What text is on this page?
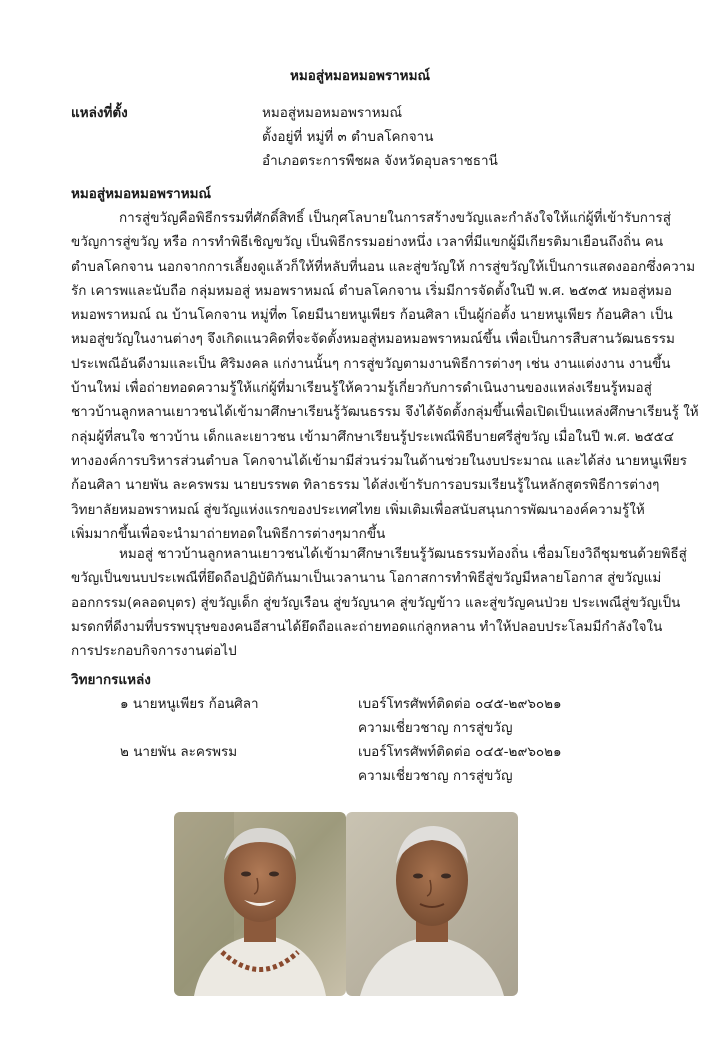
หมอสู่หมอหมอพราหมณ์
แหล่งที่ตั้ง	หมอสู่หมอหมอพราหมณ์
ตั้งอยู่ที่ หมู่ที่ ๓ ตำบลโคกจาน
อำเภอตระการพืชผล จังหวัดอุบลราชธานี
หมอสู่หมอหมอพราหมณ์
การสู่ขวัญคือพิธีกรรมที่ศักดิ์สิทธิ์ เป็นกุศโลบายในการสร้างขวัญและกำลังใจให้แก่ผู้ที่เข้ารับการสู่
ขวัญการสู่ขวัญ หรือ การทำพิธีเชิญขวัญ เป็นพิธีกรรมอย่างหนึ่ง เวลาที่มีแขกผู้มีเกียรติมาเยือนถึงถิ่น คน
ตำบลโคกจาน นอกจากการเลี้ยงดูแล้วก็ให้ที่หลับที่นอน และสู่ขวัญให้ การสู่ขวัญให้เป็นการแสดงออกซึ่งความ
รัก เคารพและนับถือ กลุ่มหมอสู่ หมอพราหมณ์ ตำบลโคกจาน เริ่มมีการจัดตั้งในปี พ.ศ. ๒๕๓๕ หมอสู่หมอ
หมอพราหมณ์ ณ บ้านโคกจาน หมู่ที่๓ โดยมีนายหนูเพียร ก้อนศิลา เป็นผู้ก่อตั้ง นายหนูเพียร ก้อนศิลา เป็น
หมอสู่ขวัญในงานต่างๆ จึงเกิดแนวคิดที่จะจัดตั้งหมอสู่หมอหมอพราหมณ์ขึ้น เพื่อเป็นการสืบสานวัฒนธรรม
ประเพณีอันดีงามและเป็น ศิริมงคล แก่งานนั้นๆ การสู่ขวัญตามงานพิธีการต่างๆ เช่น งานแต่งงาน งานขึ้น
บ้านใหม่ เพื่อถ่ายทอดความรู้ให้แก่ผู้ที่มาเรียนรู้ให้ความรู้เกี่ยวกับการดำเนินงานของแหล่งเรียนรู้หมอสู่
ชาวบ้านลูกหลานเยาวชนได้เข้ามาศึกษาเรียนรู้วัฒนธรรม จึงได้จัดตั้งกลุ่มขึ้นเพื่อเปิดเป็นแหล่งศึกษาเรียนรู้ ให้
กลุ่มผู้ที่สนใจ ชาวบ้าน เด็กและเยาวชน เข้ามาศึกษาเรียนรู้ประเพณีพิธีบายศรีสู่ขวัญ เมื่อในปี พ.ศ. ๒๕๕๔
ทางองค์การบริหารส่วนตำบล โคกจานได้เข้ามามีส่วนร่วมในด้านช่วยในงบประมาณ และได้ส่ง นายหนูเพียร
ก้อนศิลา นายพัน ละครพรม นายบรรพต ทิลาธรรม ได้ส่งเข้ารับการอบรมเรียนรู้ในหลักสูตรพิธีการต่างๆ
วิทยาลัยหมอพราหมณ์ สู่ขวัญแห่งแรกของประเทศไทย เพิ่มเติมเพื่อสนับสนุนการพัฒนาองค์ความรู้ให้
เพิ่มมากขึ้นเพื่อจะนำมาถ่ายทอดในพิธีการต่างๆมากขึ้น
หมอสู่ ชาวบ้านลูกหลานเยาวชนได้เข้ามาศึกษาเรียนรู้วัฒนธรรมท้องถิ่น เชื่อมโยงวิถีชุมชนด้วยพิธีสู่
ขวัญเป็นขนบประเพณีที่ยึดถือปฏิบัติกันมาเป็นเวลานาน โอกาสการทำพิธีสู่ขวัญมีหลายโอกาส สู่ขวัญแม่
ออกกรรม(คลอดบุตร) สู่ขวัญเด็ก สู่ขวัญเรือน สู่ขวัญนาค สู่ขวัญข้าว และสู่ขวัญคนป่วย ประเพณีสู่ขวัญเป็น
มรดกที่ดีงามที่บรรพบุรุษของคนอีสานได้ยึดถือและถ่ายทอดแก่ลูกหลาน ทำให้ปลอบประโลมมีกำลังใจใน
การประกอบกิจการงานต่อไป
วิทยากรแหล่ง
๑ นายหนูเพียร ก้อนศิลา	เบอร์โทรศัพท์ติดต่อ ๐๔๕-๒๙๖๐๒๑
ความเชี่ยวชาญ การสู่ขวัญ
๒ นายพัน ละครพรม	เบอร์โทรศัพท์ติดต่อ ๐๔๕-๒๙๖๐๒๑
ความเชี่ยวชาญ การสู่ขวัญ
